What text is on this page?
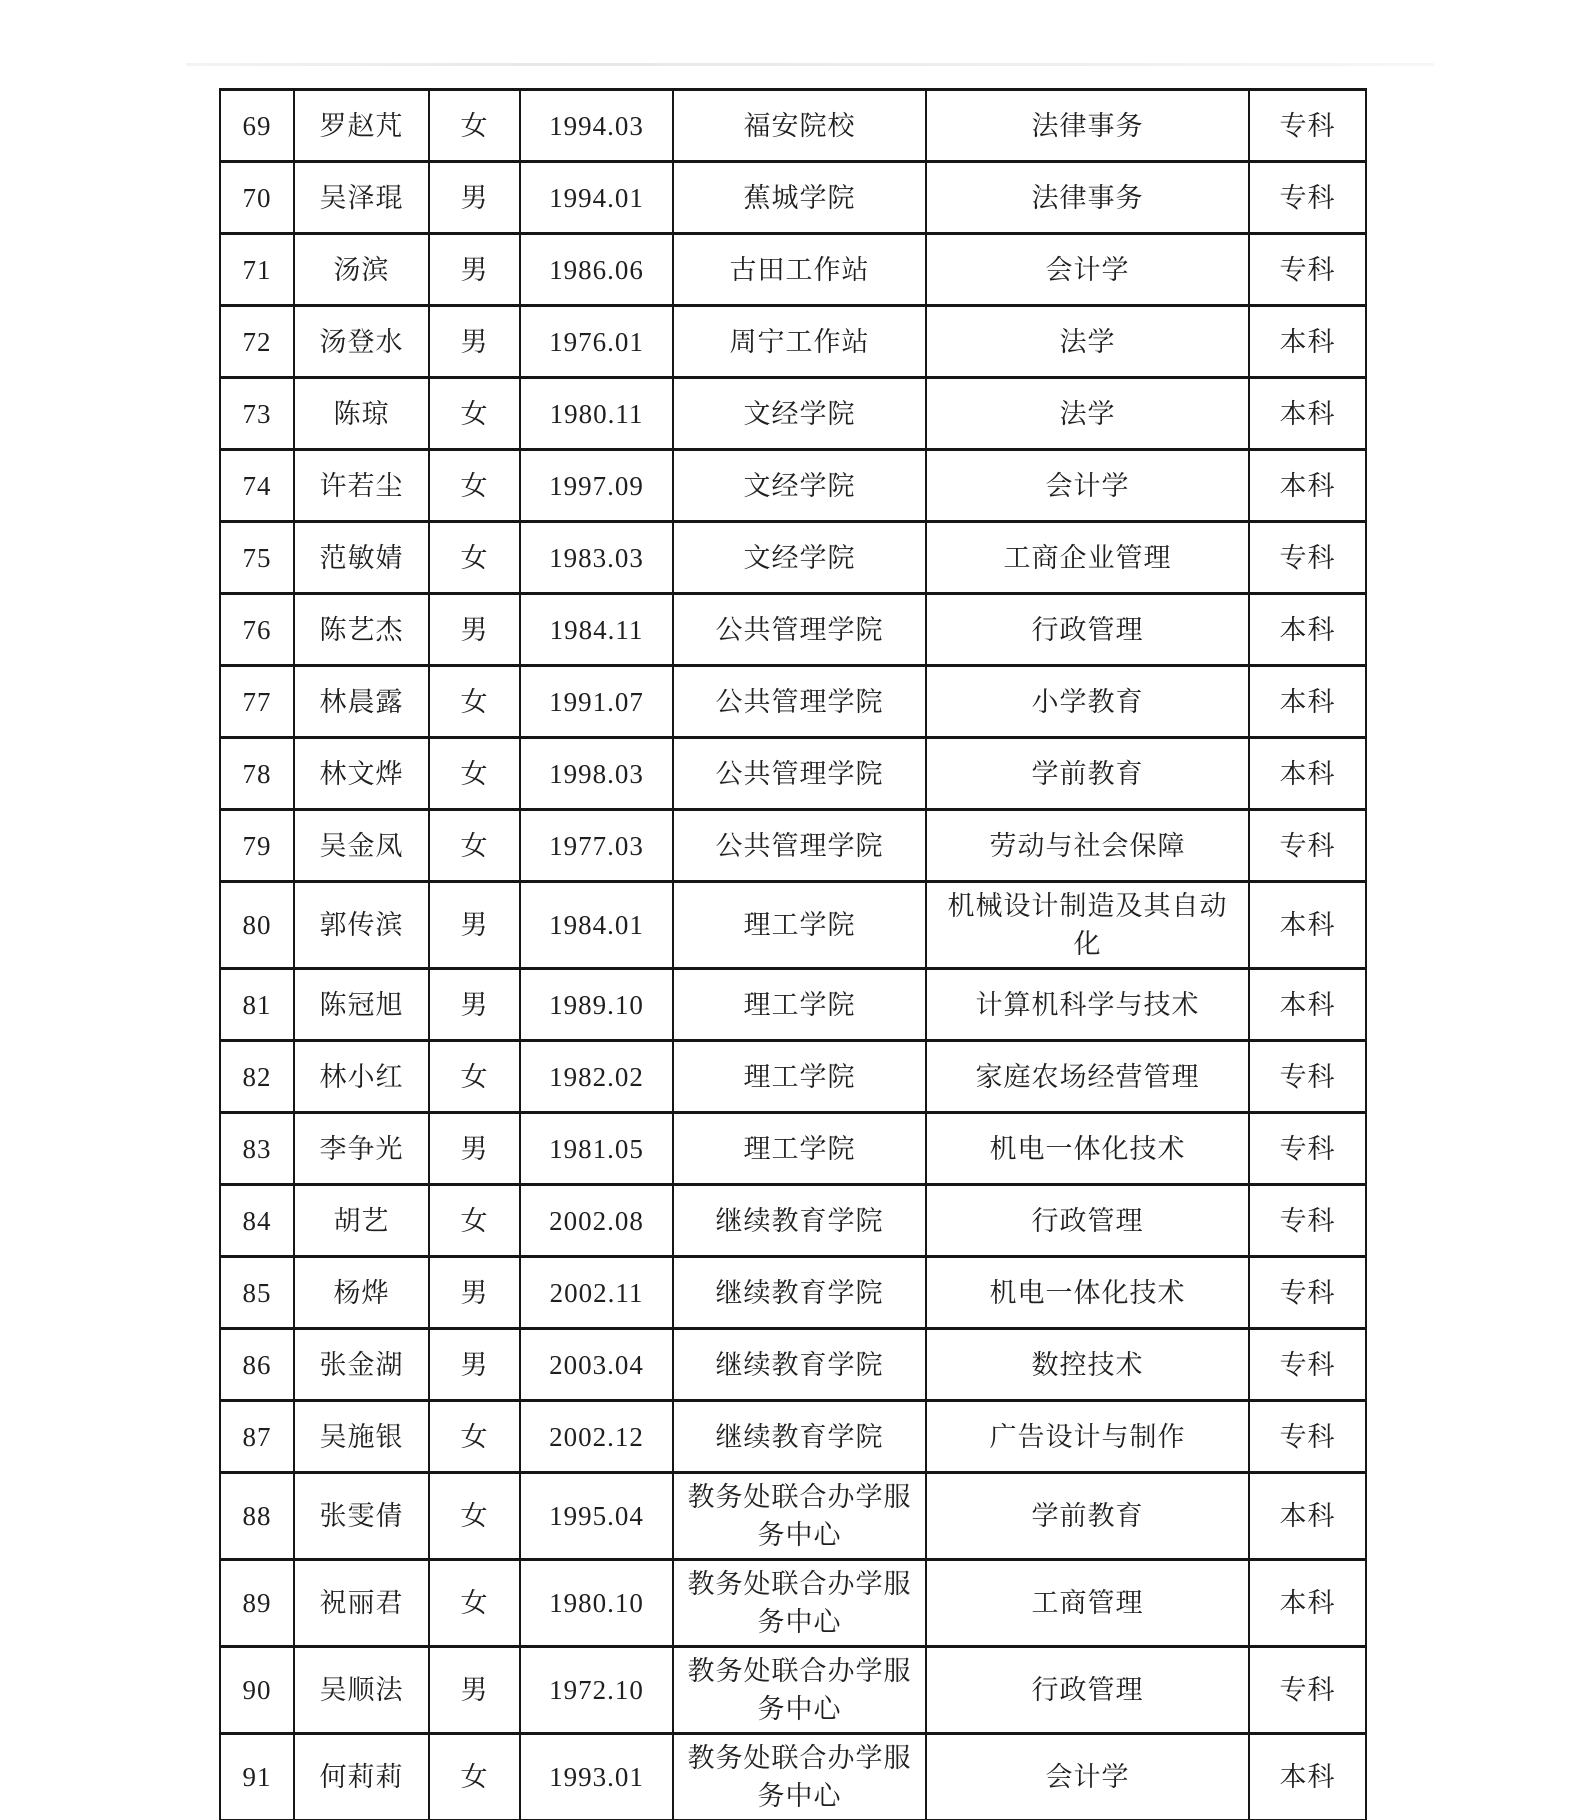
69	罗赵芃	女	1994.03	福安院校	法律事务	专科
70	吴泽琨	男	1994.01	蕉城学院	法律事务	专科
71	汤滨	男	1986.06	古田工作站	会计学	专科
72	汤登水	男	1976.01	周宁工作站	法学	本科
73	陈琼	女	1980.11	文经学院	法学	本科
74	许若尘	女	1997.09	文经学院	会计学	本科
75	范敏婧	女	1983.03	文经学院	工商企业管理	专科
76	陈艺杰	男	1984.11	公共管理学院	行政管理	本科
77	林晨露	女	1991.07	公共管理学院	小学教育	本科
78	林文烨	女	1998.03	公共管理学院	学前教育	本科
79	吴金凤	女	1977.03	公共管理学院	劳动与社会保障	专科
80	郭传滨	男	1984.01	理工学院	机械设计制造及其自动化	本科
81	陈冠旭	男	1989.10	理工学院	计算机科学与技术	本科
82	林小红	女	1982.02	理工学院	家庭农场经营管理	专科
83	李争光	男	1981.05	理工学院	机电一体化技术	专科
84	胡艺	女	2002.08	继续教育学院	行政管理	专科
85	杨烨	男	2002.11	继续教育学院	机电一体化技术	专科
86	张金湖	男	2003.04	继续教育学院	数控技术	专科
87	吴施银	女	2002.12	继续教育学院	广告设计与制作	专科
88	张雯倩	女	1995.04	教务处联合办学服务中心	学前教育	本科
89	祝丽君	女	1980.10	教务处联合办学服务中心	工商管理	本科
90	吴顺法	男	1972.10	教务处联合办学服务中心	行政管理	专科
91	何莉莉	女	1993.01	教务处联合办学服务中心	会计学	本科
